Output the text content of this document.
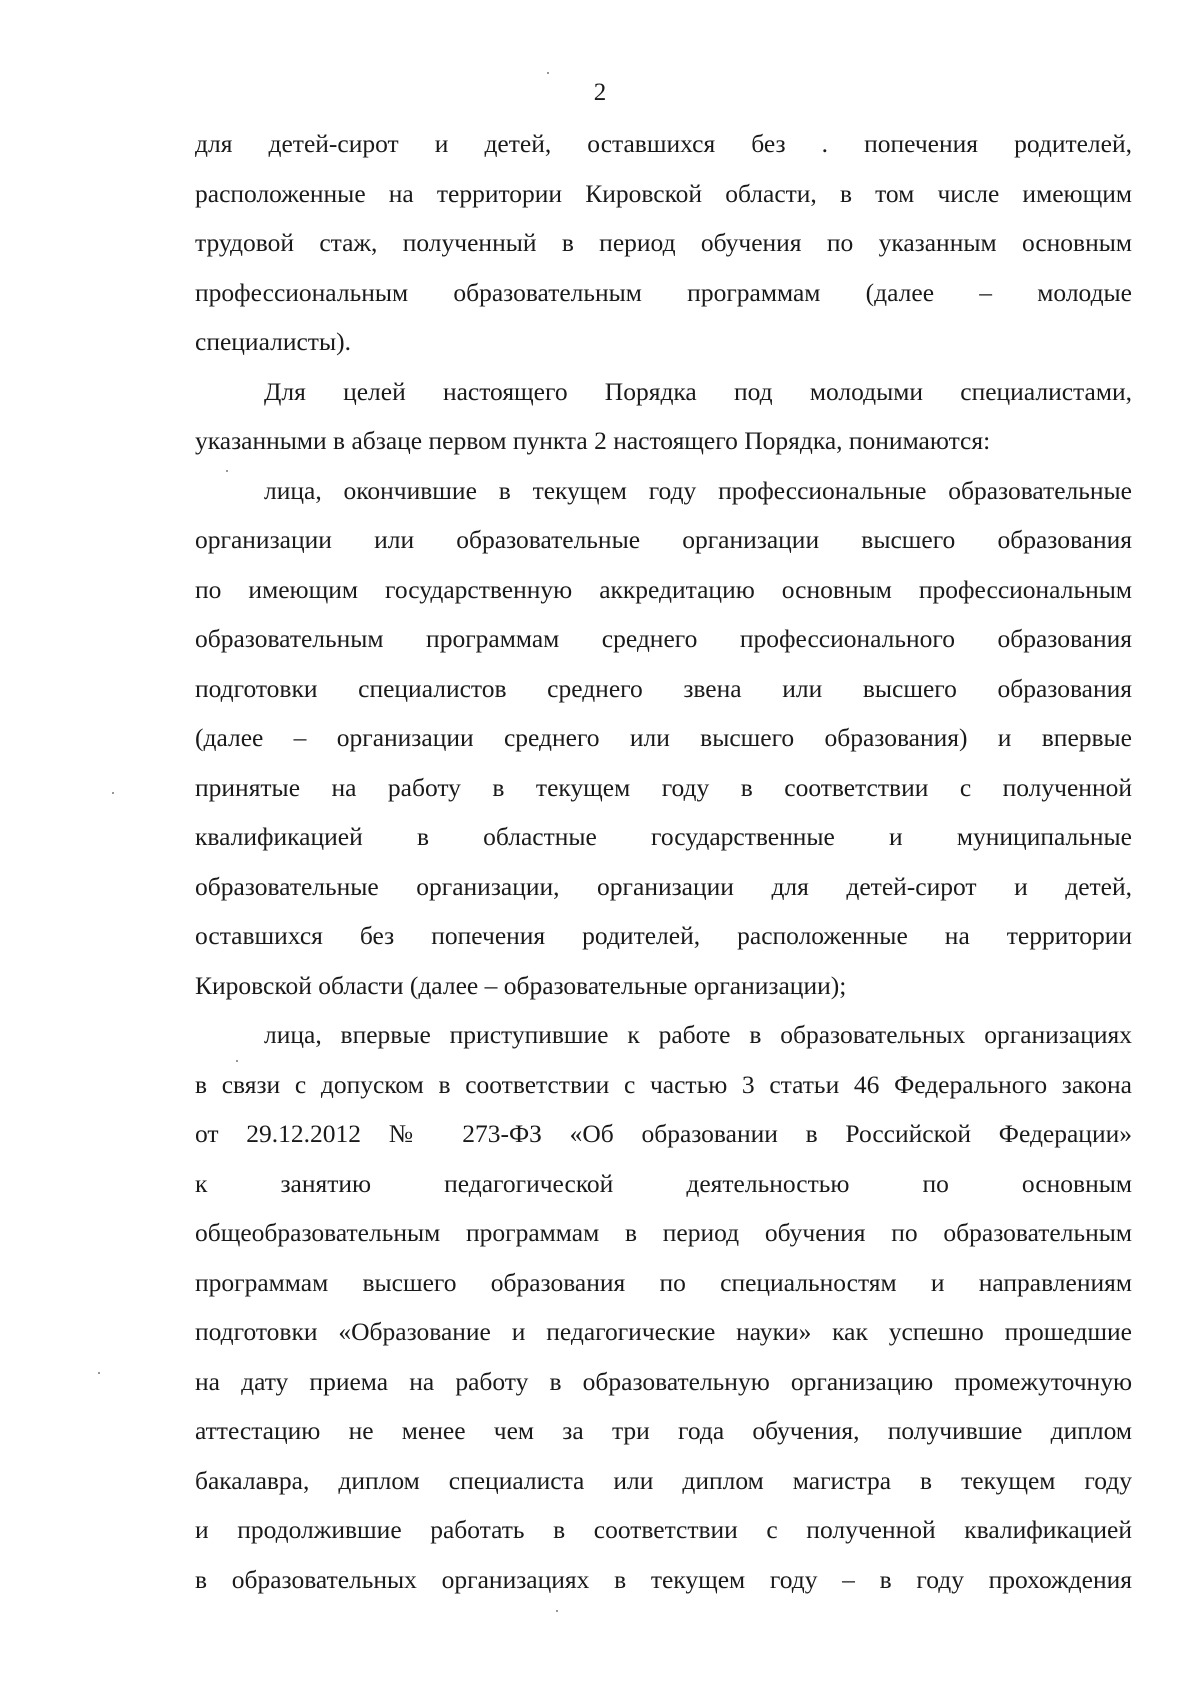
2
для детей-сирот и детей, оставшихся без . попечения родителей,
расположенные на территории Кировской области, в том числе имеющим
трудовой стаж, полученный в период обучения по указанным основным
профессиональным образовательным программам (далее – молодые
специалисты).
Для целей настоящего Порядка под молодыми специалистами,
указанными в абзаце первом пункта 2 настоящего Порядка, понимаются:
лица, окончившие в текущем году профессиональные образовательные
организации или образовательные организации высшего образования
по имеющим государственную аккредитацию основным профессиональным
образовательным программам среднего профессионального образования
подготовки специалистов среднего звена или высшего образования
(далее – организации среднего или высшего образования) и впервые
принятые на работу в текущем году в соответствии с полученной
квалификацией в областные государственные и муниципальные
образовательные организации, организации для детей-сирот и детей,
оставшихся без попечения родителей, расположенные на территории
Кировской области (далее – образовательные организации);
лица, впервые приступившие к работе в образовательных организациях
в связи с допуском в соответствии с частью 3 статьи 46 Федерального закона
от 29.12.2012 № 273-ФЗ «Об образовании в Российской Федерации»
к занятию педагогической деятельностью по основным
общеобразовательным программам в период обучения по образовательным
программам высшего образования по специальностям и направлениям
подготовки «Образование и педагогические науки» как успешно прошедшие
на дату приема на работу в образовательную организацию промежуточную
аттестацию не менее чем за три года обучения, получившие диплом
бакалавра, диплом специалиста или диплом магистра в текущем году
и продолжившие работать в соответствии с полученной квалификацией
в образовательных организациях в текущем году – в году прохождения
